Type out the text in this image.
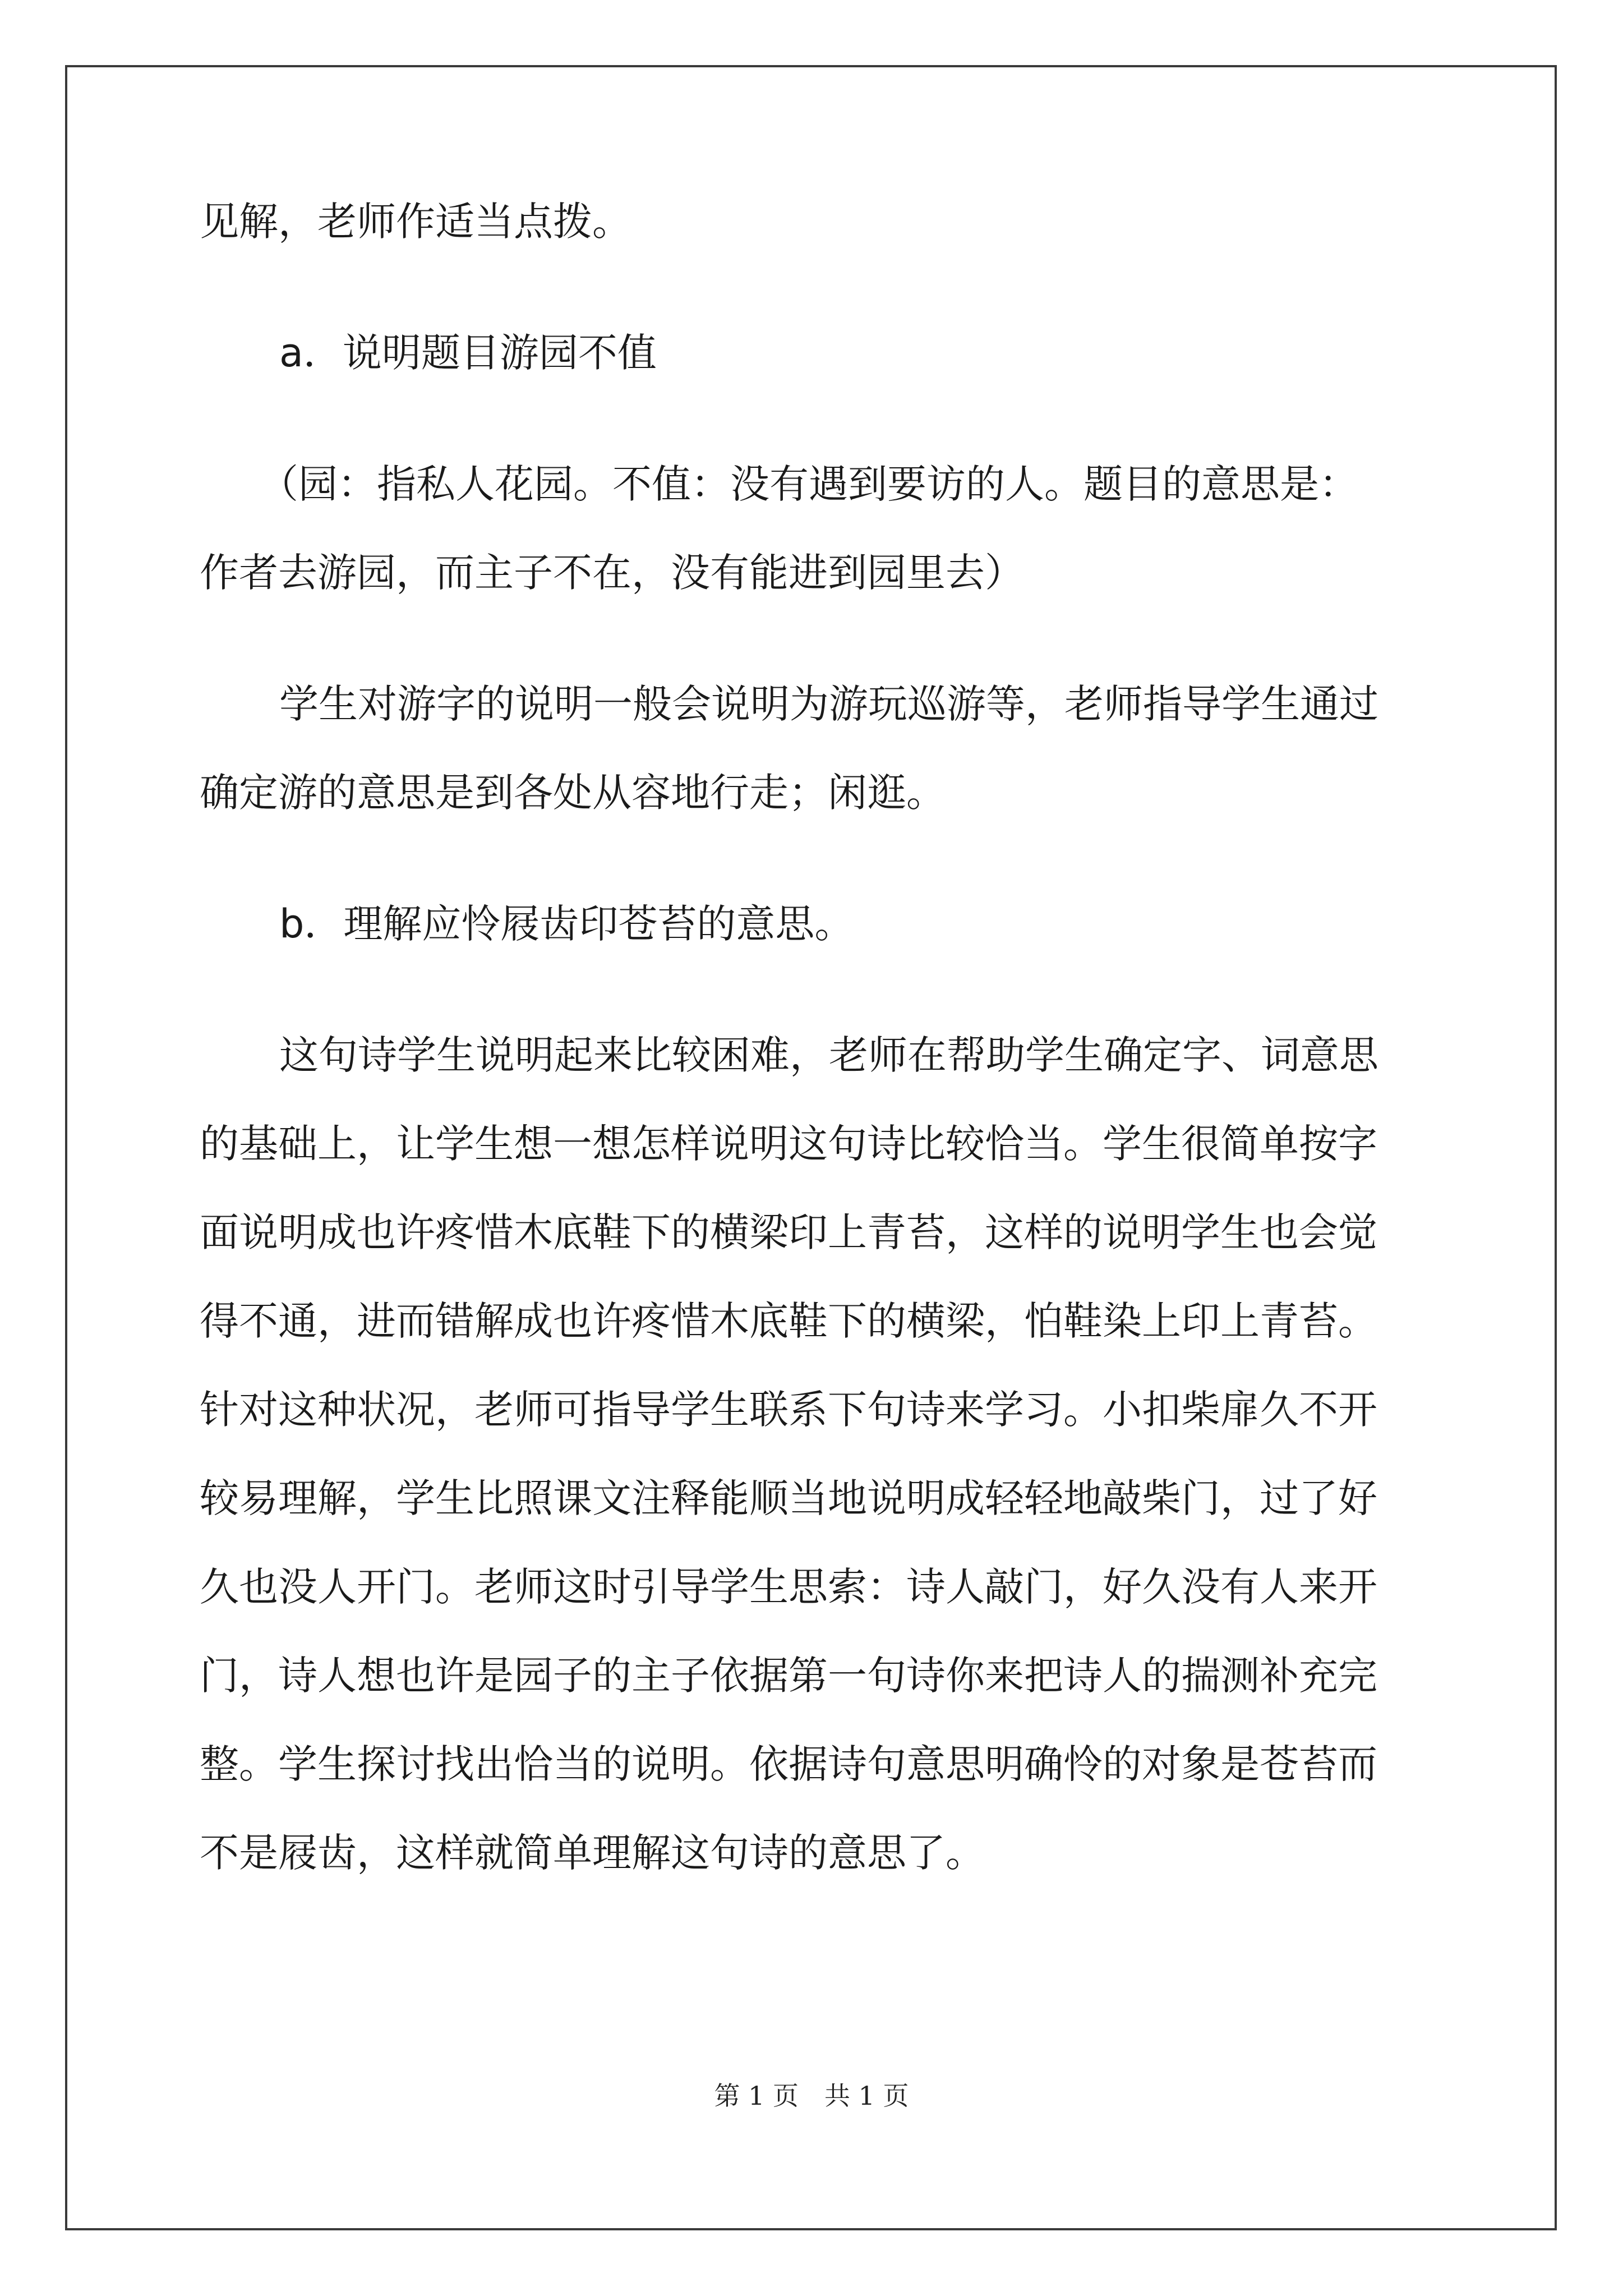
见解，老师作适当点拨。
a．说明题目游园不值
（园：指私人花园。不值：没有遇到要访的人。题目的意思是：
作者去游园，而主子不在，没有能进到园里去）
学生对游字的说明一般会说明为游玩巡游等，老师指导学生通过
确定游的意思是到各处从容地行走；闲逛。
b．理解应怜屐齿印苍苔的意思。
这句诗学生说明起来比较困难，老师在帮助学生确定字、词意思
的基础上，让学生想一想怎样说明这句诗比较恰当。学生很简单按字
面说明成也许疼惜木底鞋下的横梁印上青苔，这样的说明学生也会觉
得不通，进而错解成也许疼惜木底鞋下的横梁，怕鞋染上印上青苔。
针对这种状况，老师可指导学生联系下句诗来学习。小扣柴扉久不开
较易理解，学生比照课文注释能顺当地说明成轻轻地敲柴门，过了好
久也没人开门。老师这时引导学生思索：诗人敲门，好久没有人来开
门，诗人想也许是园子的主子依据第一句诗你来把诗人的揣测补充完
整。学生探讨找出恰当的说明。依据诗句意思明确怜的对象是苍苔而
不是屐齿，这样就简单理解这句诗的意思了。
第 1 页　共 1 页
